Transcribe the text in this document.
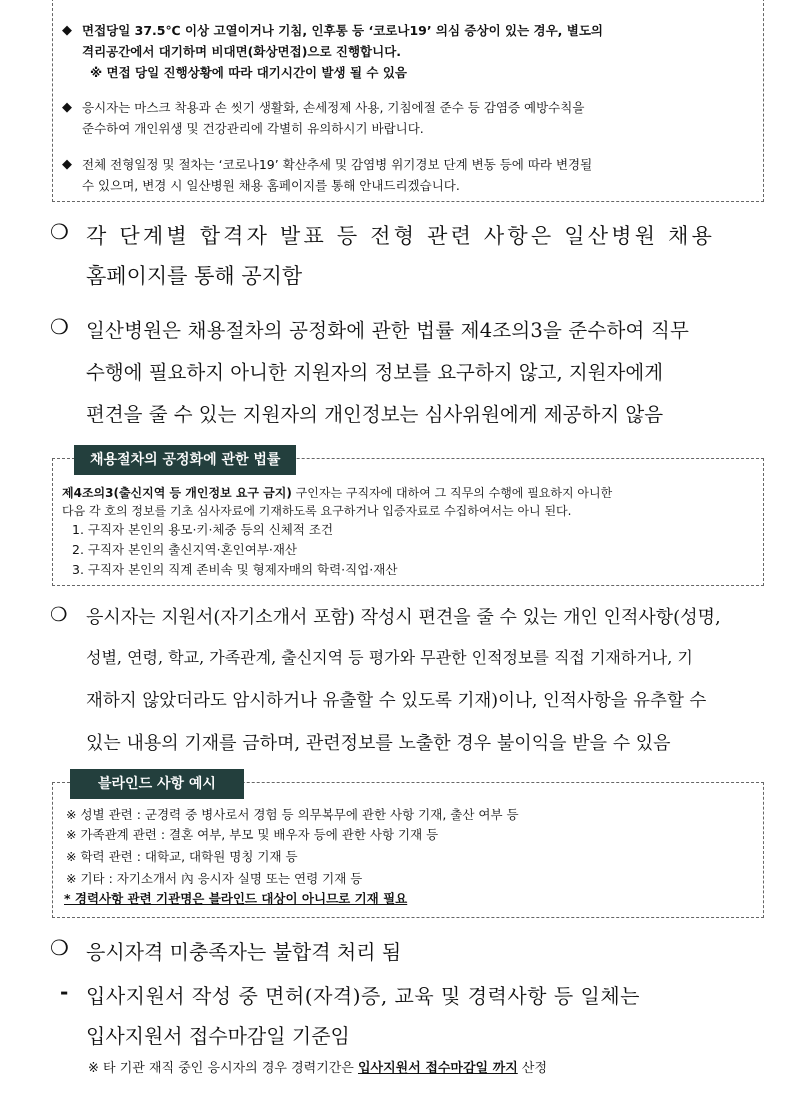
◆ 면접당일 37.5℃ 이상 고열이거나 기침, 인후통 등 ‘코로나19’ 의심 증상이 있는 경우, 별도의
격리공간에서 대기하며 비대면(화상면접)으로 진행합니다.
※ 면접 당일 진행상황에 따라 대기시간이 발생 될 수 있음
◆ 응시자는 마스크 착용과 손 씻기 생활화, 손세정제 사용, 기침에절 준수 등 감염증 예방수칙을
준수하여 개인위생 및 건강관리에 각별히 유의하시기 바랍니다.
◆ 전체 전형일정 및 절차는 ‘코로나19’ 확산추세 및 감염병 위기경보 단계 변동 등에 따라 변경될
수 있으며, 변경 시 일산병원 채용 홈페이지를 통해 안내드리겠습니다.
❍ 각 단계별 합격자 발표 등 전형 관련 사항은 일산병원 채용
홈페이지를 통해 공지함
❍ 일산병원은 채용절차의 공정화에 관한 법률 제4조의3을 준수하여 직무
수행에 필요하지 아니한 지원자의 정보를 요구하지 않고, 지원자에게
편견을 줄 수 있는 지원자의 개인정보는 심사위원에게 제공하지 않음
채용절차의 공정화에 관한 법률
제4조의3(출신지역 등 개인정보 요구 금지) 구인자는 구직자에 대하여 그 직무의 수행에 필요하지 아니한
다음 각 호의 정보를 기초 심사자료에 기재하도록 요구하거나 입증자료로 수집하여서는 아니 된다.
1. 구직자 본인의 용모·키·체중 등의 신체적 조건
2. 구직자 본인의 출신지역·혼인여부·재산
3. 구직자 본인의 직계 존비속 및 형제자매의 학력·직업·재산
❍ 응시자는 지원서(자기소개서 포함) 작성시 편견을 줄 수 있는 개인 인적사항(성명,
성별, 연령, 학교, 가족관계, 출신지역 등 평가와 무관한 인적정보를 직접 기재하거나, 기
재하지 않았더라도 암시하거나 유출할 수 있도록 기재)이나, 인적사항을 유추할 수
있는 내용의 기재를 금하며, 관련정보를 노출한 경우 불이익을 받을 수 있음
블라인드 사항 예시
※ 성별 관련 : 군경력 중 병사로서 경험 등 의무복무에 관한 사항 기재, 출산 여부 등
※ 가족관계 관련 : 결혼 여부, 부모 및 배우자 등에 관한 사항 기재 등
※ 학력 관련 : 대학교, 대학원 명칭 기재 등
※ 기타 : 자기소개서 內 응시자 실명 또는 연령 기재 등
* 경력사항 관련 기관명은 블라인드 대상이 아니므로 기재 필요
❍ 응시자격 미충족자는 불합격 처리 됨
- 입사지원서 작성 중 면허(자격)증, 교육 및 경력사항 등 일체는
입사지원서 접수마감일 기준임
※ 타 기관 재직 중인 응시자의 경우 경력기간은 입사지원서 접수마감일 까지 산정
